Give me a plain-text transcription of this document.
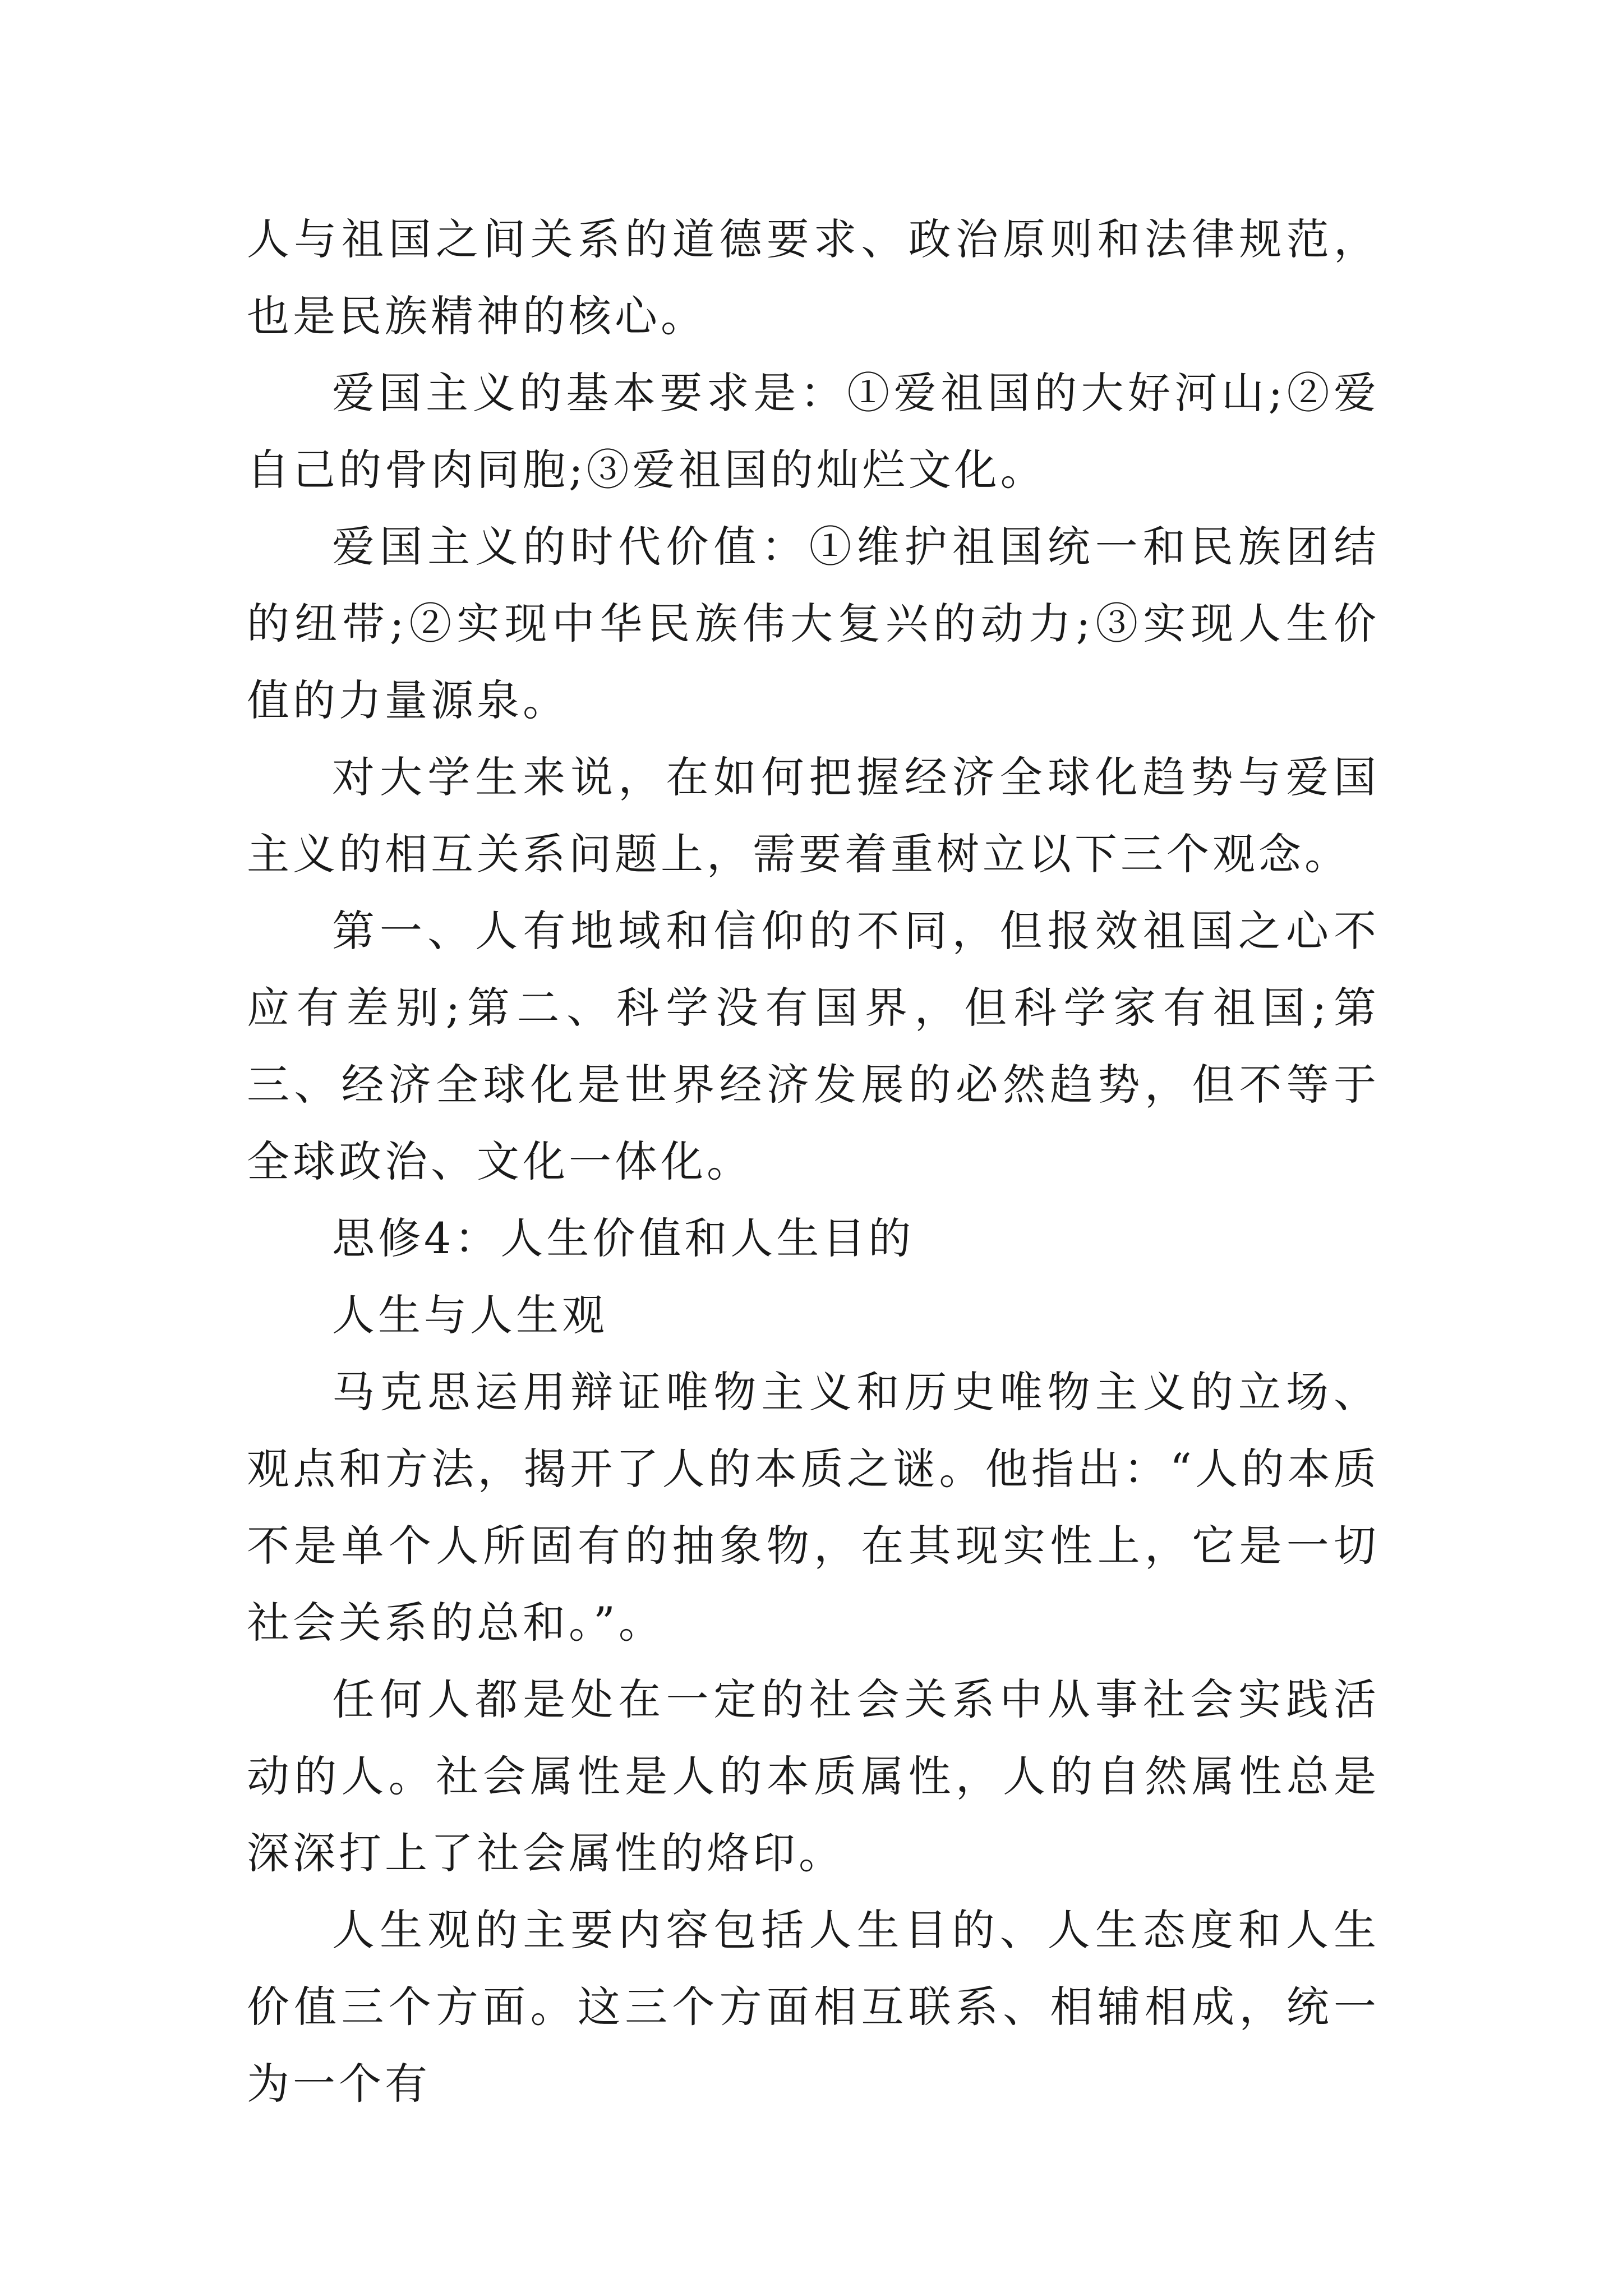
人与祖国之间关系的道德要求、政治原则和法律规范，也是民族精神的核心。

爱国主义的基本要求是：①爱祖国的大好河山;②爱自己的骨肉同胞;③爱祖国的灿烂文化。

爱国主义的时代价值：①维护祖国统一和民族团结的纽带;②实现中华民族伟大复兴的动力;③实现人生价值的力量源泉。

对大学生来说，在如何把握经济全球化趋势与爱国主义的相互关系问题上，需要着重树立以下三个观念。

第一、人有地域和信仰的不同，但报效祖国之心不应有差别;第二、科学没有国界，但科学家有祖国;第三、经济全球化是世界经济发展的必然趋势，但不等于全球政治、文化一体化。

思修4：人生价值和人生目的

人生与人生观

马克思运用辩证唯物主义和历史唯物主义的立场、观点和方法，揭开了人的本质之谜。他指出：“人的本质不是单个人所固有的抽象物，在其现实性上，它是一切社会关系的总和。”。

任何人都是处在一定的社会关系中从事社会实践活动的人。社会属性是人的本质属性，人的自然属性总是深深打上了社会属性的烙印。

人生观的主要内容包括人生目的、人生态度和人生价值三个方面。这三个方面相互联系、相辅相成，统一为一个有
